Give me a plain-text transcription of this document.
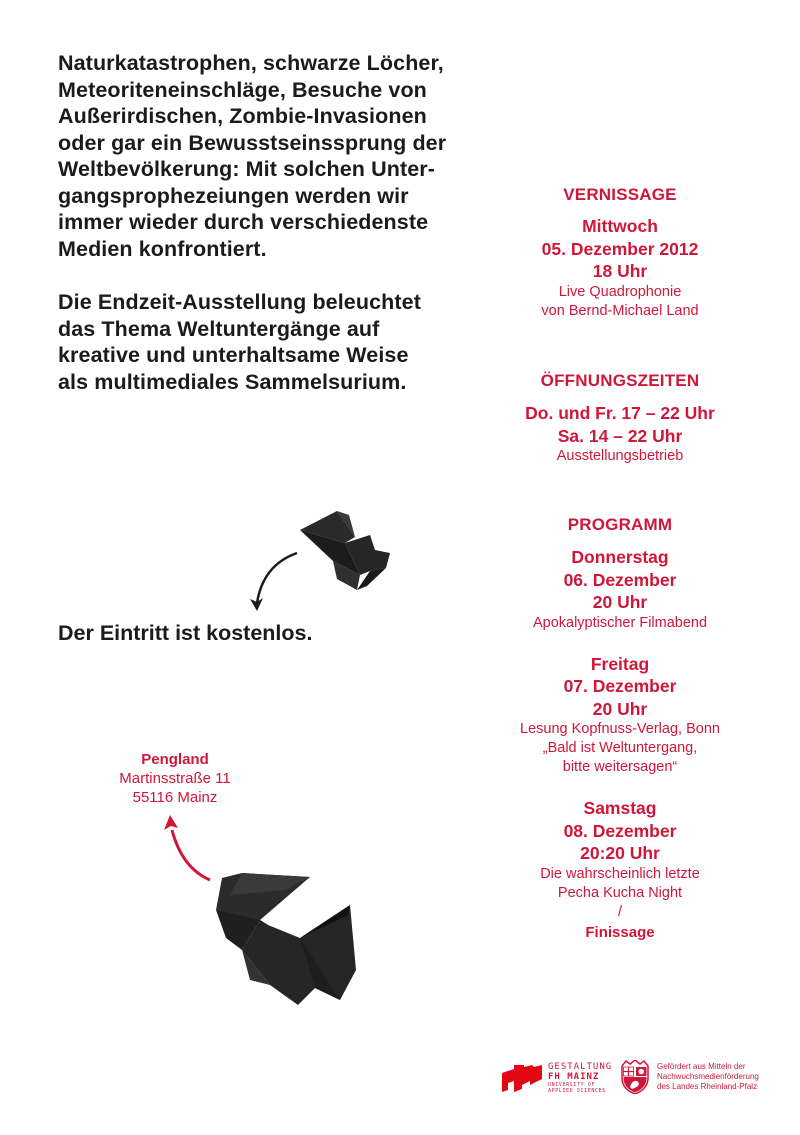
Naturkatastrophen, schwarze Löcher,
Meteoriteneinschläge, Besuche von
Außerirdischen, Zombie-Invasionen
oder gar ein Bewusstseinssprung der
Weltbevölkerung: Mit solchen Unter-
gangsprophezeiungen werden wir
immer wieder durch verschiedenste
Medien konfrontiert.

Die Endzeit-Ausstellung beleuchtet
das Thema Weltuntergänge auf
kreative und unterhaltsame Weise
als multimediales Sammelsurium.

VERNISSAGE
Mittwoch
05. Dezember 2012
18 Uhr
Live Quadrophonie
von Bernd-Michael Land
ÖFFNUNGSZEITEN
Do. und Fr. 17 – 22 Uhr
Sa. 14 – 22 Uhr
Ausstellungsbetrieb
PROGRAMM
Donnerstag
06. Dezember
20 Uhr
Apokalyptischer Filmabend
Freitag
07. Dezember
20 Uhr
Lesung Kopfnuss-Verlag, Bonn
„Bald ist Weltuntergang,
bitte weitersagen“
Samstag
08. Dezember
20:20 Uhr
Die wahrscheinlich letzte
Pecha Kucha Night
/
Finissage
Der Eintritt ist kostenlos.
Pengland
Martinsstraße 11
55116 Mainz
GESTALTUNG
FH MAINZ
UNIVERSITY OF
APPLIED SCIENCES
Gefördert aus Mitteln der
Nachwuchsmedienförderung
des Landes Rheinland-Pfalz
